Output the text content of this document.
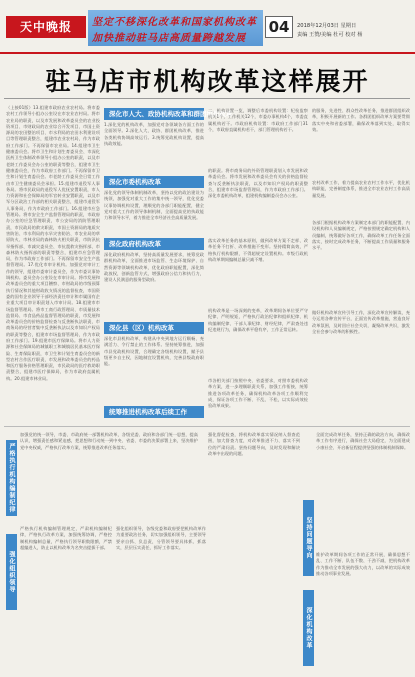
天中晚报	坚定不移深化改革和国家机构改革
加快推动驻马店高质量跨越发展
04	2018年12月03日 星期日
责编 王赞/美编 杜可 校对 杨
驻马店市机构改革这样展开
（上接01版）13.组建市政府农业农村局。将市委农村工作领导小组办公室设在市农业农村局。将市农业局的职责，以及市发展和改革委员会的农业投资项目、市财政局的农业综合开发项目、市国土资源局的农田整治项目、市水利局的农田水利建设项目等管理职责整合，组建市农业农村局，作为市政府工作部门。不再保留市农业局。14.组建市卫生健康委员会。将市卫生和计划生育委员会、市深化医药卫生体制改革领导小组办公室的职责，以及市老龄工作委员会办公室的职责等整合，组建市卫生健康委员会，作为市政府工作部门。不再保留市卫生和计划生育委员会。市老龄工作委员会日常工作由市卫生健康委员会承担。15.组建市退役军人事务局。将市民政局的退役军人优抚安置职责，市人力资源和社会保障局的军官转业安置职责，以及市军分区政治工作部的相关职责整合，组建市退役军人事务局，作为市政府工作部门。16.组建市应急管理局。将市安全生产监督管理局的职责，市政府办公室的应急管理职责，市公安局的消防管理职责，市民政局的救灾职责，市国土资源局的地质灾害防治、市水利局的水旱灾害防治、市农业局的草原防火、市林业局的森林防火相关职责，市防汛抗旱指挥部、市减灾委员会、市抗震救灾指挥部、市森林防火指挥部的职责等整合，组建市应急管理局，作为市政府工作部门。不再保留市安全生产监督管理局。17.优化市审计机构。加强党对审计工作的领导，组建市委审计委员会，作为市委议事协调机构。委员会办公室设在市审计局。将市发展和改革委员会的重大项目稽察、市财政局的市级预算执行情况和其他财政收支情况的监督检查，市国资委的国有企业领导干部经济责任审计和市属国有企业重大项目审计职责划入市审计局。18.组建市市场监督管理局。将市工商行政管理局、市质量技术监督局、市食品药品监督管理局的职责，市发展和改革委员会的价格监督检查与反垄断执法职责，市商务局的经营者集中反垄断执法以及市知识产权局的职责等整合，组建市市场监督管理局，作为市政府工作部门。19.组建市医疗保障局。将市人力资源和社会保障局的城镇职工和城镇居民基本医疗保险、生育保险职责，市卫生和计划生育委员会的新型农村合作医疗职责，市发展和改革委员会的药品和医疗服务价格管理职责，市民政局的医疗救助职责整合，组建市医疗保障局，作为市政府直属机构。20.组建市林业局。
深化市人大、政协机构改革和群团组织改革
1.深化党的机构改革，加强党对各领域各方面工作的全面领导。2.深化人大、政协、群团机构改革，推进各类机构协调高效运行。3.统筹党政机构设置，提高执政效能。
深化市委机构改革
深化党的领导体制机制改革，坚持以党的政治建设为统领，加强党对重大工作的集中统一领导，优化党委议事协调机构设置，理顺党的各部门职能配置，健全党对重大工作的领导体制机制，全面提高党的执政能力和领导水平，着力推进全市经济社会高质量发展。
深化政府机构改革
深化政府机构改革，坚持高质量发展要求，统筹党政群机构改革，全面推进市场监管、生态环境保护、自然资源等领域机构改革，优化政府职能配置，深化简政放权，创新监管方式，增强政府公信力和执行力，建设人民满意的服务型政府。
深化县（区）机构改革
深化市县机构改革，构建从中央到地方运行顺畅、充满活力、令行禁止的工作体系。坚持统筹推进，加强市县党政机构设置，合理确定各级机构设置，赋予县级更多自主权，因地制宜设置机构，完善县级政府职能。
统筹推进机构改革后续工作
二、机构设置一览，调整后市委机构设置：纪检监察机关1个，工作机关12个，市委办事机构4个，市委直属机构若干。市政府机构设置：市政府工作部门31个，市政府直属机构若干，部门管理机构若干。
的职责。将市商务局的外资管理职责划入市发展和改革委员会。将市发展和改革委员会有关的价格监督检查与反垄断执法职责，以及市知识产权局的职责整合，组建市市场监督管理局，作为市政府工作部门。深化市委机构改革，组建机构编制委员会办公室。
落实改革任务的基本原则，做到改革方案不走样、改革任务不打折、改革措施不变形。坚持精简高效，严格执行机构限额，不得超规定设置机构。市级行政机构改革期间编制总量只减不增。
机构改革是一场深刻的变革，改革期间各单位要严守纪律、严明规矩，严格执行政治纪律和组织纪律、机构编制纪律、干部人事纪律、财经纪律，严肃查处违纪违规行为，确保改革平稳有序，工作正常运转。
市各相关部门按照中央、省委要求，对照市委机构改革方案，进一步理顺职责关系，加强工作衔接，统筹推进各项改革任务，确保机构改革各项工作顺利完成，保证各项工作不断、不乱、不松，以实际成效检验改革成果。
的服务，先进性、群众性改革任务，推进群团组织改革，积极开展新的工作。各群团组织改革方案要贯彻落实中央和省委部署，确保改革落到实处，取得实效。
农村改革工作，着力提高农业农村工作水平，优化机构职能，完善制度体系，推进全市农业农村工作高质量发展。
各部门根据机构改革方案制定本部门的职能配置、内设机构和人员编制规定，严格按照规定确定机构和人员编制，统筹做好各项工作，确保改革工作任务全面落实，按时完成改革任务，不断提高工作质量和服务水平。
做好机构改革宣传引导工作，深化改革宣传解读，充分运用各种宣传平台，正面宣传改革措施，营造良好改革氛围，及时回应社会关切，凝聚改革共识，激发全社会参与改革的积极性。
严格执行机构编制纪律
加强党的统一领导，市委、市政府统一部署机构改革，各级党委、政府和各部门统一思想，提高认识，增强责任感和紧迫感，把思想和行动统一到中央、省委、市委的决策部署上来，坚决维护党中央权威，严格执行改革方案，统筹推进改革任务落实。
强化组织领导
严格执行机构编制管理规定，严肃机构编制纪律，严格执行改革方案，加强统筹协调，严格控制机构编制总量，严格执行领导职数限额，严禁超编进人，防止以机构改革为名突击提拔干部。
强化组织领导，各级党委和政府要把机构改革作为重要政治任务，切实加强组织领导，主要领导要亲自抓、负总责，分管领导要具体抓、抓落实，层层压实责任，抓好工作落实。
强化督促检查，将机构改革落实情况纳入督查范围，加大督查力度，对改革推进不力、落实不到位的严肃问责。坚持问题导向，及时发现和解决改革中出现的问题。
坚持问题导向
全面完成改革任务，坚持正确的政治方向，确保改革工作有序进行，确保社会大局稳定，为全面建成小康社会、开启新征程提供坚强的体制机制保障。
深化机构改革
维护改革期间各项工作的正常开展，确保思想不乱、工作不断、队伍不散、干劲不减，把机构改革作为推动全市发展的强大动力，以改革的实际成效推动各项事业发展。
